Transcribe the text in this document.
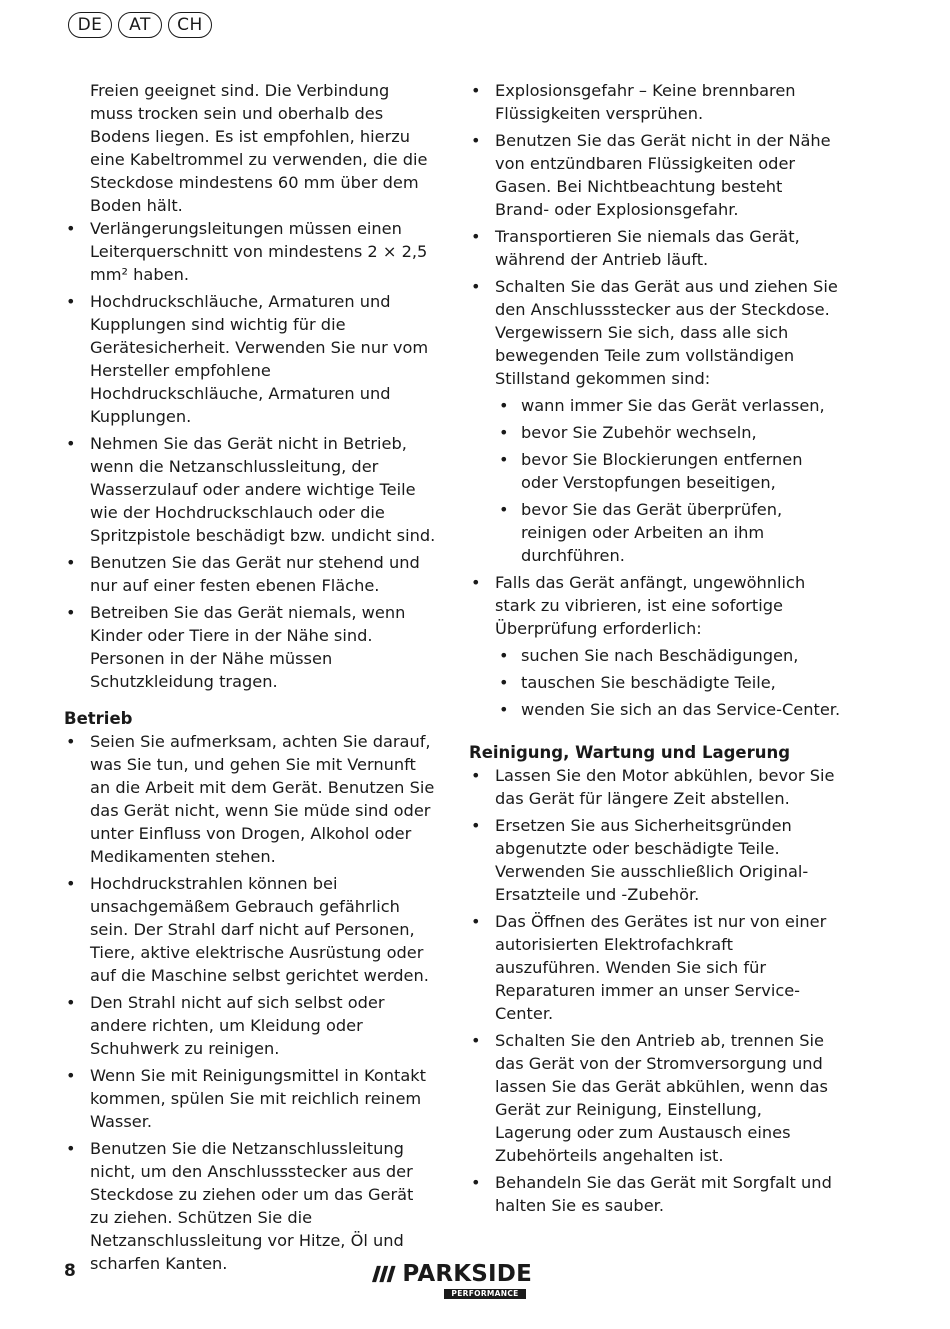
DE	AT	CH

Freien geeignet sind. Die Verbindung muss trocken sein und oberhalb des Bodens liegen. Es ist empfohlen, hierzu eine Kabeltrommel zu verwenden, die die Steckdose mindestens 60 mm über dem Boden hält.

• Verlängerungsleitungen müssen einen Leiterquerschnitt von mindestens 2 × 2,5 mm² haben.
• Hochdruckschläuche, Armaturen und Kupplungen sind wichtig für die Gerätesicherheit. Verwenden Sie nur vom Hersteller empfohlene Hochdruckschläuche, Armaturen und Kupplungen.
• Nehmen Sie das Gerät nicht in Betrieb, wenn die Netzanschlussleitung, der Wasserzulauf oder andere wichtige Teile wie der Hochdruckschlauch oder die Spritzpistole beschädigt bzw. undicht sind.
• Benutzen Sie das Gerät nur stehend und nur auf einer festen ebenen Fläche.
• Betreiben Sie das Gerät niemals, wenn Kinder oder Tiere in der Nähe sind. Personen in der Nähe müssen Schutzkleidung tragen.
Betrieb
• Seien Sie aufmerksam, achten Sie darauf, was Sie tun, und gehen Sie mit Vernunft an die Arbeit mit dem Gerät. Benutzen Sie das Gerät nicht, wenn Sie müde sind oder unter Einfluss von Drogen, Alkohol oder Medikamenten stehen.
• Hochdruckstrahlen können bei unsachgemäßem Gebrauch gefährlich sein. Der Strahl darf nicht auf Personen, Tiere, aktive elektrische Ausrüstung oder auf die Maschine selbst gerichtet werden.
• Den Strahl nicht auf sich selbst oder andere richten, um Kleidung oder Schuhwerk zu reinigen.
• Wenn Sie mit Reinigungsmittel in Kontakt kommen, spülen Sie mit reichlich reinem Wasser.
• Benutzen Sie die Netzanschlussleitung nicht, um den Anschlussstecker aus der Steckdose zu ziehen oder um das Gerät zu ziehen. Schützen Sie die Netzanschlussleitung vor Hitze, Öl und scharfen Kanten.
• Explosionsgefahr – Keine brennbaren Flüssigkeiten versprühen.
• Benutzen Sie das Gerät nicht in der Nähe von entzündbaren Flüssigkeiten oder Gasen. Bei Nichtbeachtung besteht Brand- oder Explosionsgefahr.
• Transportieren Sie niemals das Gerät, während der Antrieb läuft.
• Schalten Sie das Gerät aus und ziehen Sie den Anschlussstecker aus der Steckdose. Vergewissern Sie sich, dass alle sich bewegenden Teile zum vollständigen Stillstand gekommen sind:
• wann immer Sie das Gerät verlassen,
• bevor Sie Zubehör wechseln,
• bevor Sie Blockierungen entfernen oder Verstopfungen beseitigen,
• bevor Sie das Gerät überprüfen, reinigen oder Arbeiten an ihm durchführen.
• Falls das Gerät anfängt, ungewöhnlich stark zu vibrieren, ist eine sofortige Überprüfung erforderlich:
• suchen Sie nach Beschädigungen,
• tauschen Sie beschädigte Teile,
• wenden Sie sich an das Service-Center.
Reinigung, Wartung und Lagerung
• Lassen Sie den Motor abkühlen, bevor Sie das Gerät für längere Zeit abstellen.
• Ersetzen Sie aus Sicherheitsgründen abgenutzte oder beschädigte Teile. Verwenden Sie ausschließlich Original-Ersatzteile und -Zubehör.
• Das Öffnen des Gerätes ist nur von einer autorisierten Elektrofachkraft auszuführen. Wenden Sie sich für Reparaturen immer an unser Service-Center.
• Schalten Sie den Antrieb ab, trennen Sie das Gerät von der Stromversorgung und lassen Sie das Gerät abkühlen, wenn das Gerät zur Reinigung, Einstellung, Lagerung oder zum Austausch eines Zubehörteils angehalten ist.
• Behandeln Sie das Gerät mit Sorgfalt und halten Sie es sauber.
8	PARKSIDE
PERFORMANCE
